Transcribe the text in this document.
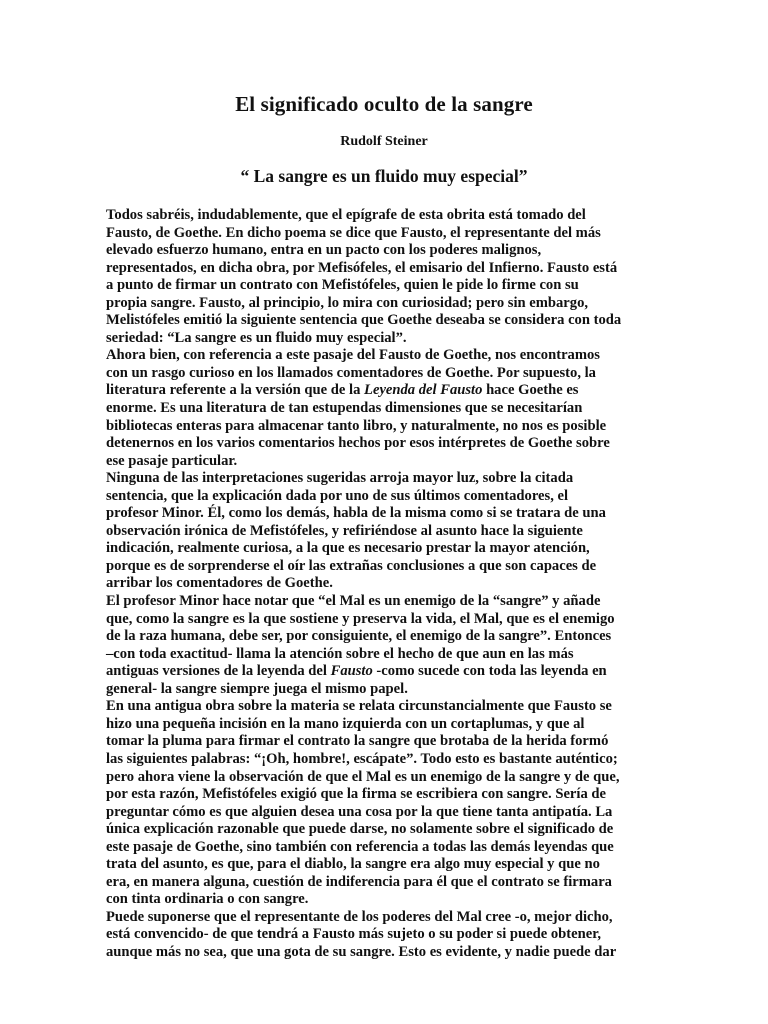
El significado oculto de la sangre
Rudolf Steiner
“ La sangre es un fluido muy especial”

Todos sabréis, indudablemente, que el epígrafe de esta obrita está tomado del
Fausto, de Goethe. En dicho poema se dice que Fausto, el representante del más
elevado esfuerzo humano, entra en un pacto con los poderes malignos,
representados, en dicha obra, por Mefisófeles, el emisario del Infierno. Fausto está
a punto de firmar un contrato con Mefistófeles, quien le pide lo firme con su
propia sangre. Fausto, al principio, lo mira con curiosidad; pero sin embargo,
Melistófeles emitió la siguiente sentencia que Goethe deseaba se considera con toda
seriedad: “La sangre es un fluido muy especial”.

Ahora bien, con referencia a este pasaje del Fausto de Goethe, nos encontramos
con un rasgo curioso en los llamados comentadores de Goethe. Por supuesto, la
literatura referente a la versión que de la Leyenda del Fausto hace Goethe es
enorme. Es una literatura de tan estupendas dimensiones que se necesitarían
bibliotecas enteras para almacenar tanto libro, y naturalmente, no nos es posible
detenernos en los varios comentarios hechos por esos intérpretes de Goethe sobre
ese pasaje particular.

Ninguna de las interpretaciones sugeridas arroja mayor luz, sobre la citada
sentencia, que la explicación dada por uno de sus últimos comentadores, el
profesor Minor. Él, como los demás, habla de la misma como si se tratara de una
observación irónica de Mefistófeles, y refiriéndose al asunto hace la siguiente
indicación, realmente curiosa, a la que es necesario prestar la mayor atención,
porque es de sorprenderse el oír las extrañas conclusiones a que son capaces de
arribar los comentadores de Goethe.

El profesor Minor hace notar que “el Mal es un enemigo de la “sangre” y añade
que, como la sangre es la que sostiene y preserva la vida, el Mal, que es el enemigo
de la raza humana, debe ser, por consiguiente, el enemigo de la sangre”. Entonces
–con toda exactitud- llama la atención sobre el hecho de que aun en las más
antiguas versiones de la leyenda del Fausto -como sucede con toda las leyenda en
general- la sangre siempre juega el mismo papel.

En una antigua obra sobre la materia se relata circunstancialmente que Fausto se
hizo una pequeña incisión en la mano izquierda con un cortaplumas, y que al
tomar la pluma para firmar el contrato la sangre que brotaba de la herida formó
las siguientes palabras: “¡Oh, hombre!, escápate”. Todo esto es bastante auténtico;
pero ahora viene la observación de que el Mal es un enemigo de la sangre y de que,
por esta razón, Mefistófeles exigió que la firma se escribiera con sangre. Sería de
preguntar cómo es que alguien desea una cosa por la que tiene tanta antipatía. La
única explicación razonable que puede darse, no solamente sobre el significado de
este pasaje de Goethe, sino también con referencia a todas las demás leyendas que
trata del asunto, es que, para el diablo, la sangre era algo muy especial y que no
era, en manera alguna, cuestión de indiferencia para él que el contrato se firmara
con tinta ordinaria o con sangre.

Puede suponerse que el representante de los poderes del Mal cree -o, mejor dicho,
está convencido- de que tendrá a Fausto más sujeto o su poder si puede obtener,
aunque más no sea, que una gota de su sangre. Esto es evidente, y nadie puede dar
